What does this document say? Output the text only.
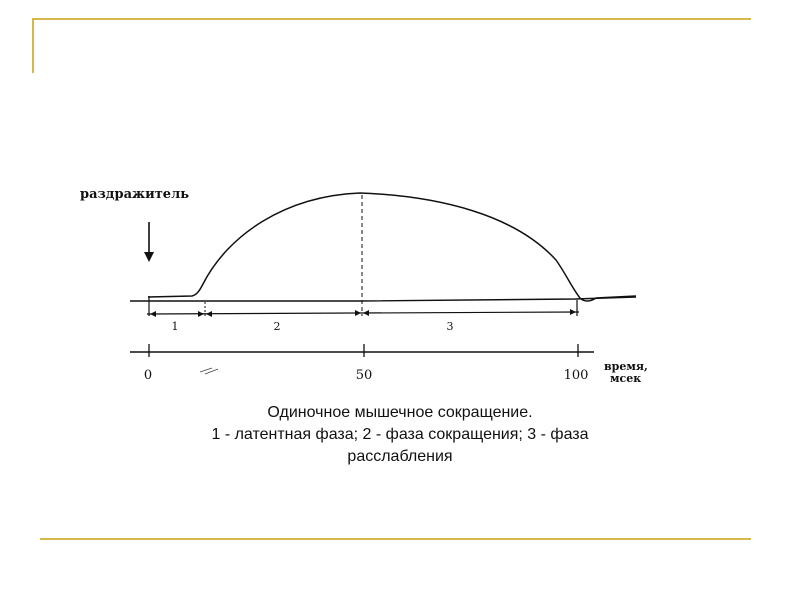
раздражитель
1	2	3
0	50	100
время,
мсек
Одиночное мышечное сокращение.
1 - латентная фаза; 2 - фаза сокращения; 3 - фаза
расслабления
